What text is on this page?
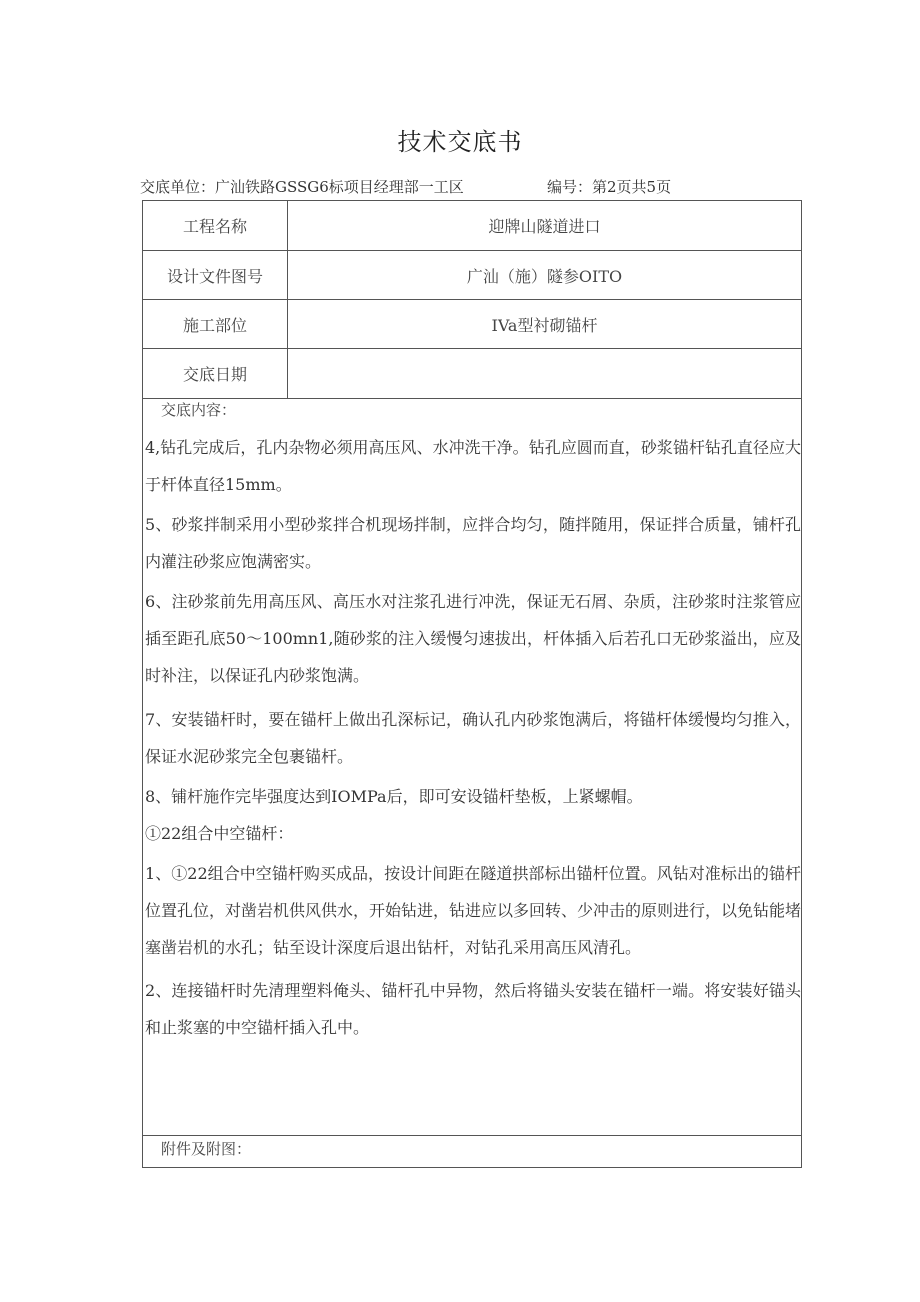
技术交底书
交底单位：广汕铁路GSSG6标项目经理部一工区	编号：第2页共5页
工程名称	迎牌山隧道进口
设计文件图号	广汕（施）隧参OITO
施工部位	IVa型衬砌锚杆
交底日期
交底内容：
4,钻孔完成后，孔内杂物必须用高压风、水冲洗干净。钻孔应圆而直，砂浆锚杆钻孔直径应大于杆体直径15mm。
5、砂浆拌制采用小型砂浆拌合机现场拌制，应拌合均匀，随拌随用，保证拌合质量，铺杆孔内灌注砂浆应饱满密实。
6、注砂浆前先用高压风、高压水对注浆孔进行冲洗，保证无石屑、杂质，注砂浆时注浆管应插至距孔底50〜100mn1,随砂浆的注入缓慢匀速拔出，杆体插入后若孔口无砂浆溢出，应及时补注，以保证孔内砂浆饱满。
7、安装锚杆时，要在锚杆上做出孔深标记，确认孔内砂浆饱满后，将锚杆体缓慢均匀推入，保证水泥砂浆完全包裹锚杆。
8、铺杆施作完毕强度达到IOMPa后，即可安设锚杆垫板，上紧螺帽。
①22组合中空锚杆：
1、①22组合中空锚杆购买成品，按设计间距在隧道拱部标出锚杆位置。风钻对准标出的锚杆位置孔位，对凿岩机供风供水，开始钻进，钻进应以多回转、少冲击的原则进行，以免钻能堵塞凿岩机的水孔；钻至设计深度后退出钻杆，对钻孔采用高压风清孔。
2、连接锚杆时先清理塑料俺头、锚杆孔中异物，然后将锚头安装在锚杆一端。将安装好锚头和止浆塞的中空锚杆插入孔中。
附件及附图：
